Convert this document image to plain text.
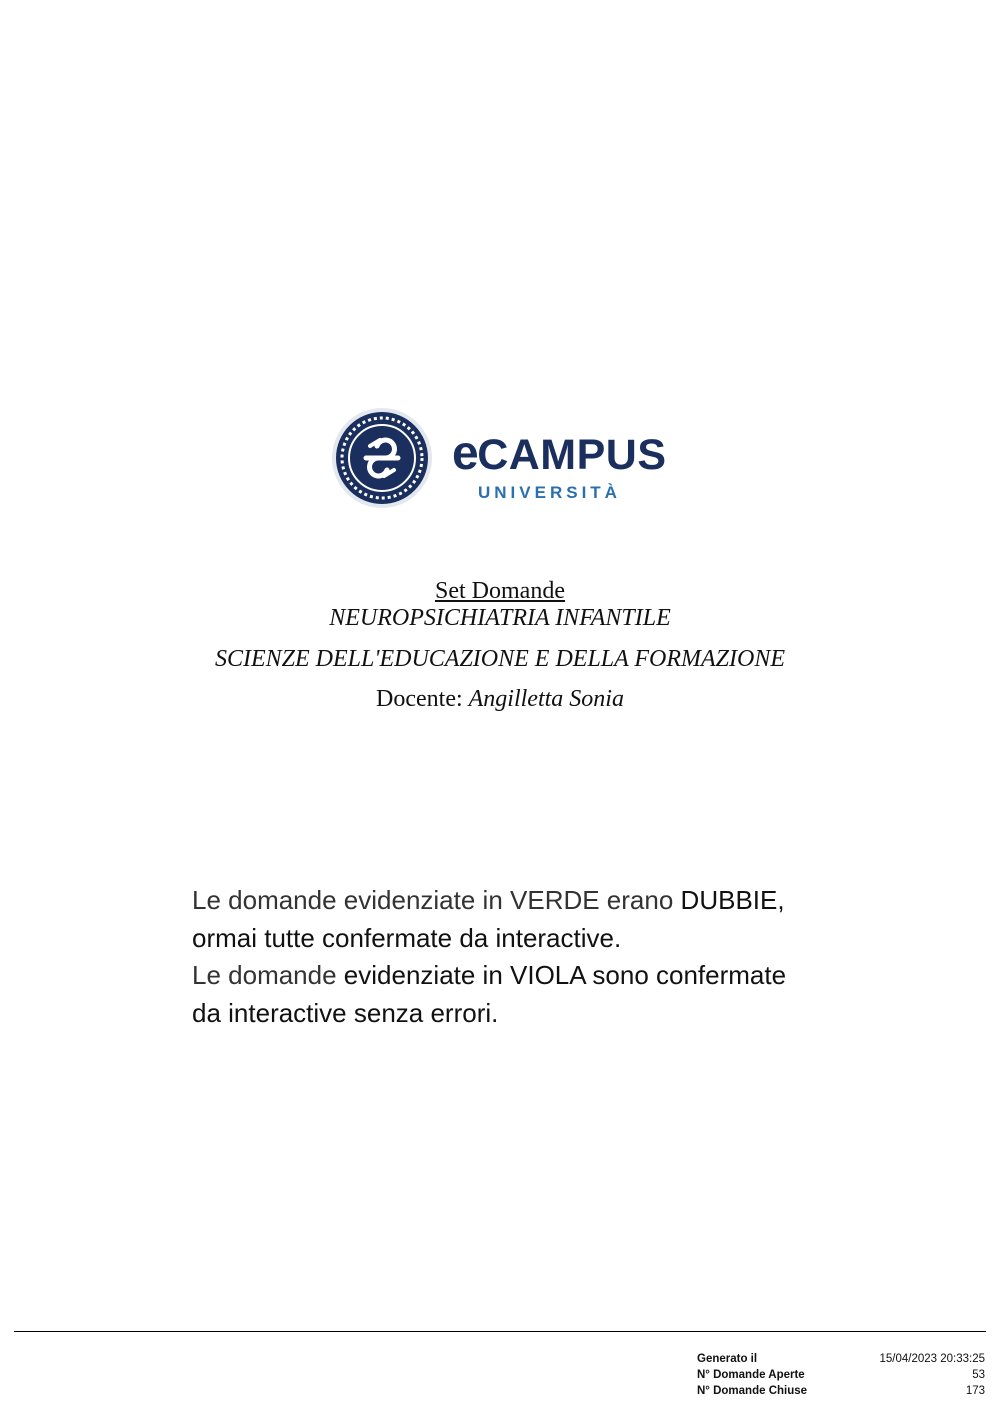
eCAMPUS
UNIVERSITÀ
Set Domande
NEUROPSICHIATRIA INFANTILE
SCIENZE DELL'EDUCAZIONE E DELLA FORMAZIONE
Docente: Angilletta Sonia
Le domande evidenziate in VERDE erano DUBBIE,
ormai tutte confermate da interactive.
Le domande evidenziate in VIOLA sono confermate
da interactive senza errori.
Generato il	15/04/2023 20:33:25
N° Domande Aperte	53
N° Domande Chiuse	173
